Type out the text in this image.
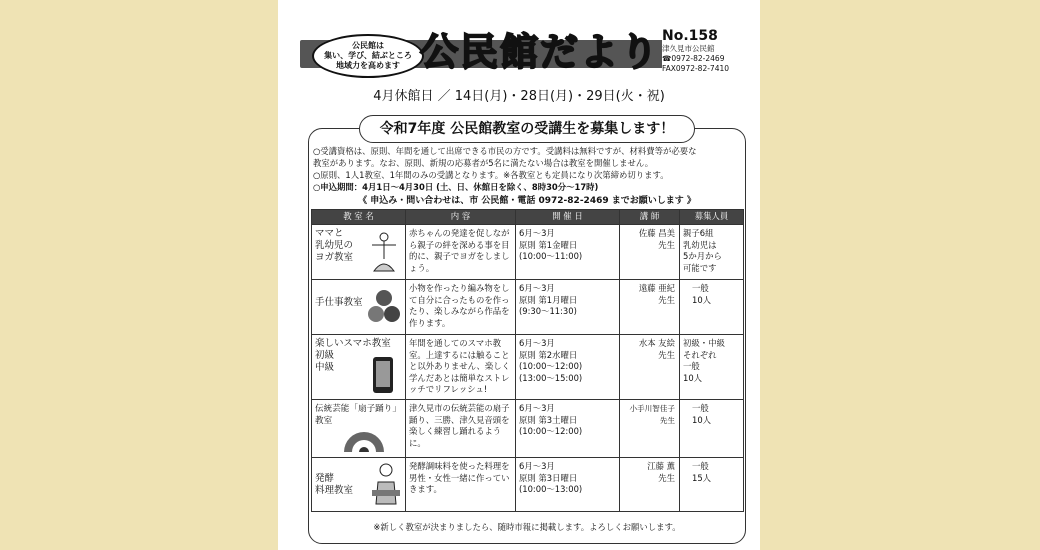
公民館は
集い、学び、結ぶところ
地域力を高めます 公民館だより No.158
津久見市公民館
☎0972-82-2469
FAX0972-82-7410
4月休館日 ／ 14日(月)・28日(月)・29日(火・祝)
令和7年度 公民館教室の受講生を募集します！

○受講資格は、原則、年間を通して出席できる市民の方です。受講料は無料ですが、材料費等が必要な

教室があります。なお、原則、新規の応募者が5名に満たない場合は教室を開催しません。

○原則、1人1教室、1年間のみの受講となります。※各教室とも定員になり次第締め切ります。

○申込期間：4月1日～4月30日 (土、日、休館日を除く、8時30分～17時)

《 申込み・問い合わせは、市 公民館・電話 0972-82-2469 までお願いします 》
教 室 名	内 容	開 催 日	講 師	募集人員

ママと
乳幼児の
ヨガ教室	赤ちゃんの発達を促しながら親子の絆を深める事を目的に、親子でヨガをしましょう。	6月～3月
原則 第1金曜日
(10:00～11:00)	佐藤 昌美
先生	親子6組
乳幼児は
5か月から
可能です

手仕事教室	小物を作ったり編み物をして自分に合ったものを作ったり、楽しみながら作品を作ります。	6月～3月
原則 第1月曜日
(9:30～11:30)	遠藤 亜紀
先生	一般
10人

楽しいスマホ教室
初級
中級	年間を通してのスマホ教室。上達するには触ることと以外ありません、楽しく学んだあとは簡単なストレッチでリフレッシュ!	6月～3月
原則 第2水曜日
(10:00～12:00)
(13:00～15:00)	水本 友絵
先生	初級・中級
それぞれ
一般
10人

伝統芸能「扇子踊り」
教室	津久見市の伝統芸能の扇子踊り、三勝、津久見音頭を楽しく練習し踊れるように。	6月～3月
原則 第3土曜日
(10:00～12:00)	小手川智佳子
先生	一般
10人

発酵
料理教室	発酵調味料を使った料理を男性・女性一緒に作っていきます。	6月～3月
原則 第3日曜日
(10:00～13:00)	江藤 薫
先生	一般
15人
※新しく教室が決まりましたら、随時市報に掲載します。よろしくお願いします。
